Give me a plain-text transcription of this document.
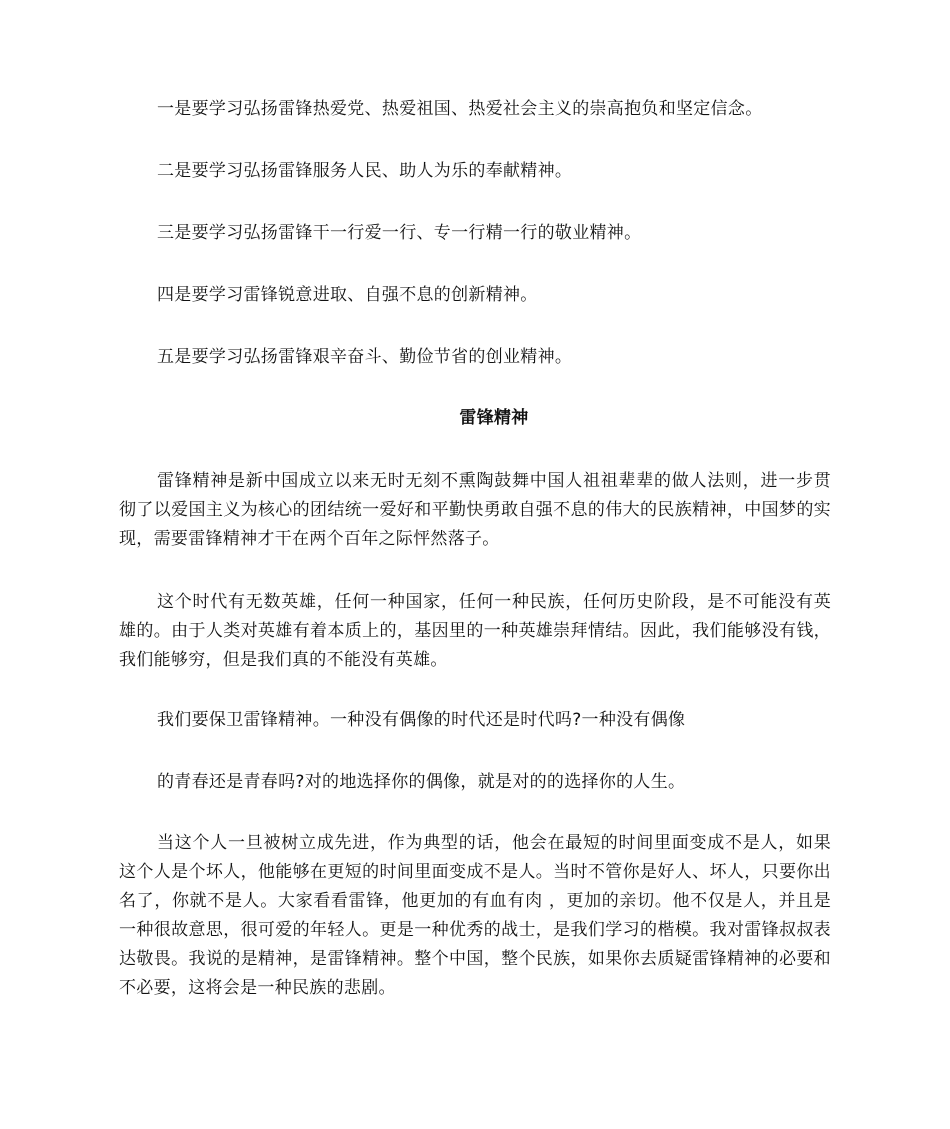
一是要学习弘扬雷锋热爱党、热爱祖国、热爱社会主义的崇高抱负和坚定信念。

二是要学习弘扬雷锋服务人民、助人为乐的奉献精神。

三是要学习弘扬雷锋干一行爱一行、专一行精一行的敬业精神。

四是要学习雷锋锐意进取、自强不息的创新精神。

五是要学习弘扬雷锋艰辛奋斗、勤俭节省的创业精神。

雷锋精神

雷锋精神是新中国成立以来无时无刻不熏陶鼓舞中国人祖祖辈辈的做人法则，进一步贯彻了以爱国主义为核心的团结统一爱好和平勤快勇敢自强不息的伟大的民族精神，中国梦的实现，需要雷锋精神才干在两个百年之际怦然落子。

这个时代有无数英雄，任何一种国家，任何一种民族，任何历史阶段，是不可能没有英雄的。由于人类对英雄有着本质上的，基因里的一种英雄崇拜情结。因此，我们能够没有钱，我们能够穷，但是我们真的不能没有英雄。

我们要保卫雷锋精神。一种没有偶像的时代还是时代吗?一种没有偶像

的青春还是青春吗?对的地选择你的偶像，就是对的的选择你的人生。

当这个人一旦被树立成先进，作为典型的话，他会在最短的时间里面变成不是人，如果这个人是个坏人，他能够在更短的时间里面变成不是人。当时不管你是好人、坏人，只要你出名了，你就不是人。大家看看雷锋，他更加的有血有肉 ，更加的亲切。他不仅是人，并且是一种很故意思，很可爱的年轻人。更是一种优秀的战士，是我们学习的楷模。我对雷锋叔叔表达敬畏。我说的是精神，是雷锋精神。整个中国，整个民族，如果你去质疑雷锋精神的必要和不必要，这将会是一种民族的悲剧。
